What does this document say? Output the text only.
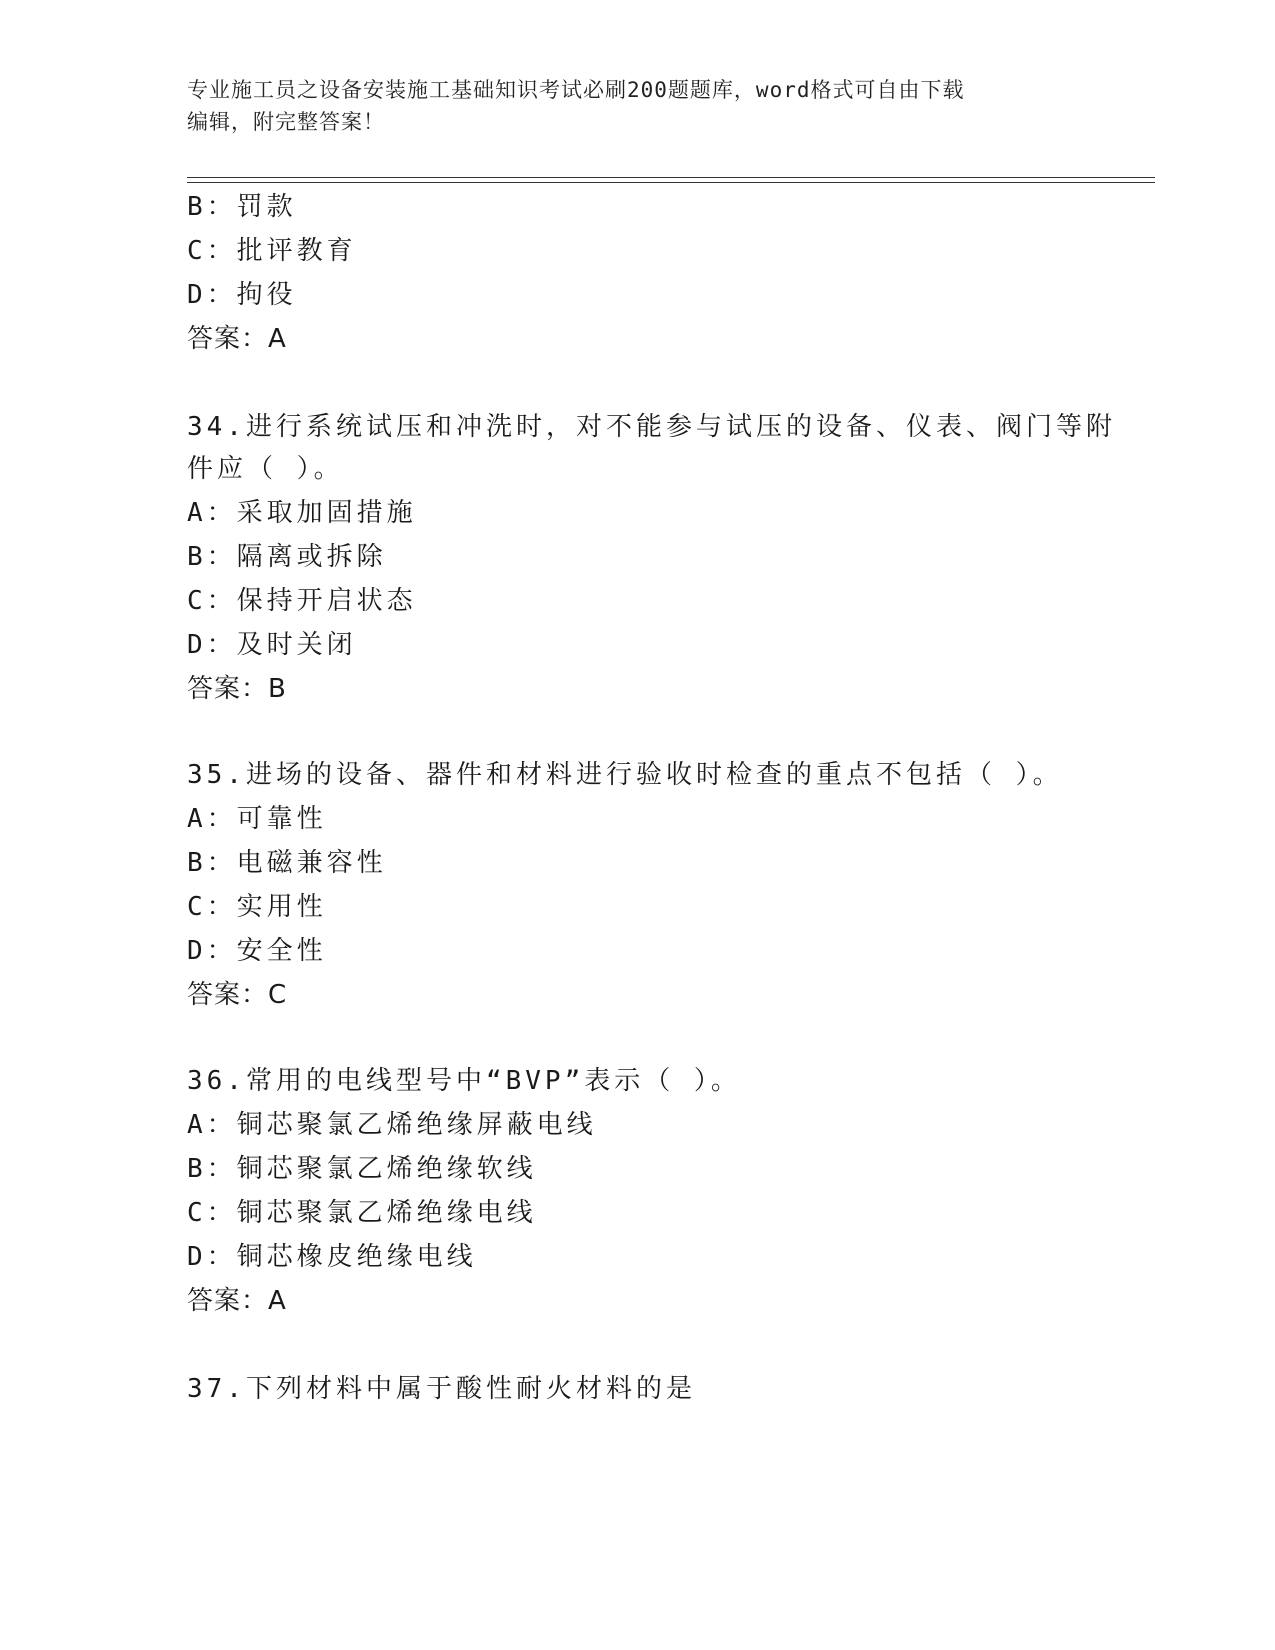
专业施工员之设备安装施工基础知识考试必刷200题题库，word格式可自由下载
编辑，附完整答案！
B：罚款
C：批评教育
D：拘役
答案：A
34.进行系统试压和冲洗时，对不能参与试压的设备、仪表、阀门等附
件应（ ）。
A：采取加固措施
B：隔离或拆除
C：保持开启状态
D：及时关闭
答案：B
35.进场的设备、器件和材料进行验收时检查的重点不包括（ ）。
A：可靠性
B：电磁兼容性
C：实用性
D：安全性
答案：C
36.常用的电线型号中“BVP”表示（ ）。
A：铜芯聚氯乙烯绝缘屏蔽电线
B：铜芯聚氯乙烯绝缘软线
C：铜芯聚氯乙烯绝缘电线
D：铜芯橡皮绝缘电线
答案：A
37.下列材料中属于酸性耐火材料的是
